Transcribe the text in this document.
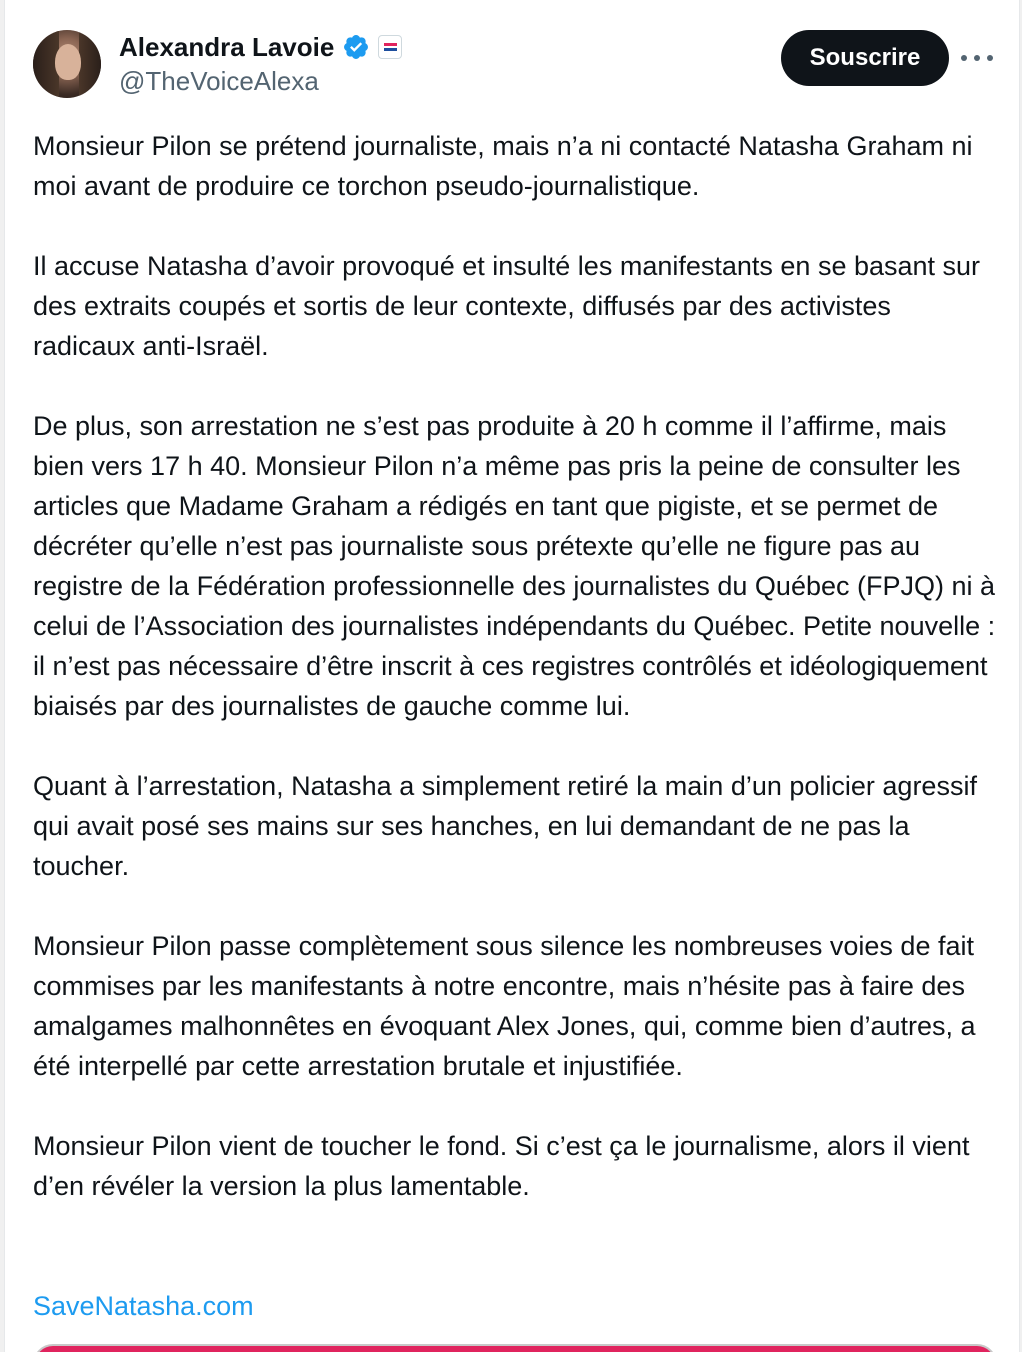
Alexandra Lavoie
@TheVoiceAlexa
Souscrire

Monsieur Pilon se prétend journaliste, mais n’a ni contacté Natasha Graham ni moi avant de produire ce torchon pseudo-journalistique.

Il accuse Natasha d’avoir provoqué et insulté les manifestants en se basant sur des extraits coupés et sortis de leur contexte, diffusés par des activistes radicaux anti-Israël.

De plus, son arrestation ne s’est pas produite à 20 h comme il l’affirme, mais bien vers 17 h 40. Monsieur Pilon n’a même pas pris la peine de consulter les articles que Madame Graham a rédigés en tant que pigiste, et se permet de décréter qu’elle n’est pas journaliste sous prétexte qu’elle ne figure pas au registre de la Fédération professionnelle des journalistes du Québec (FPJQ) ni à celui de l’Association des journalistes indépendants du Québec. Petite nouvelle : il n’est pas nécessaire d’être inscrit à ces registres contrôlés et idéologiquement biaisés par des journalistes de gauche comme lui.

Quant à l’arrestation, Natasha a simplement retiré la main d’un policier agressif qui avait posé ses mains sur ses hanches, en lui demandant de ne pas la toucher.

Monsieur Pilon passe complètement sous silence les nombreuses voies de fait commises par les manifestants à notre encontre, mais n’hésite pas à faire des amalgames malhonnêtes en évoquant Alex Jones, qui, comme bien d’autres, a été interpellé par cette arrestation brutale et injustifiée.

Monsieur Pilon vient de toucher le fond. Si c’est ça le journalisme, alors il vient d’en révéler la version la plus lamentable.

SaveNatasha.com
